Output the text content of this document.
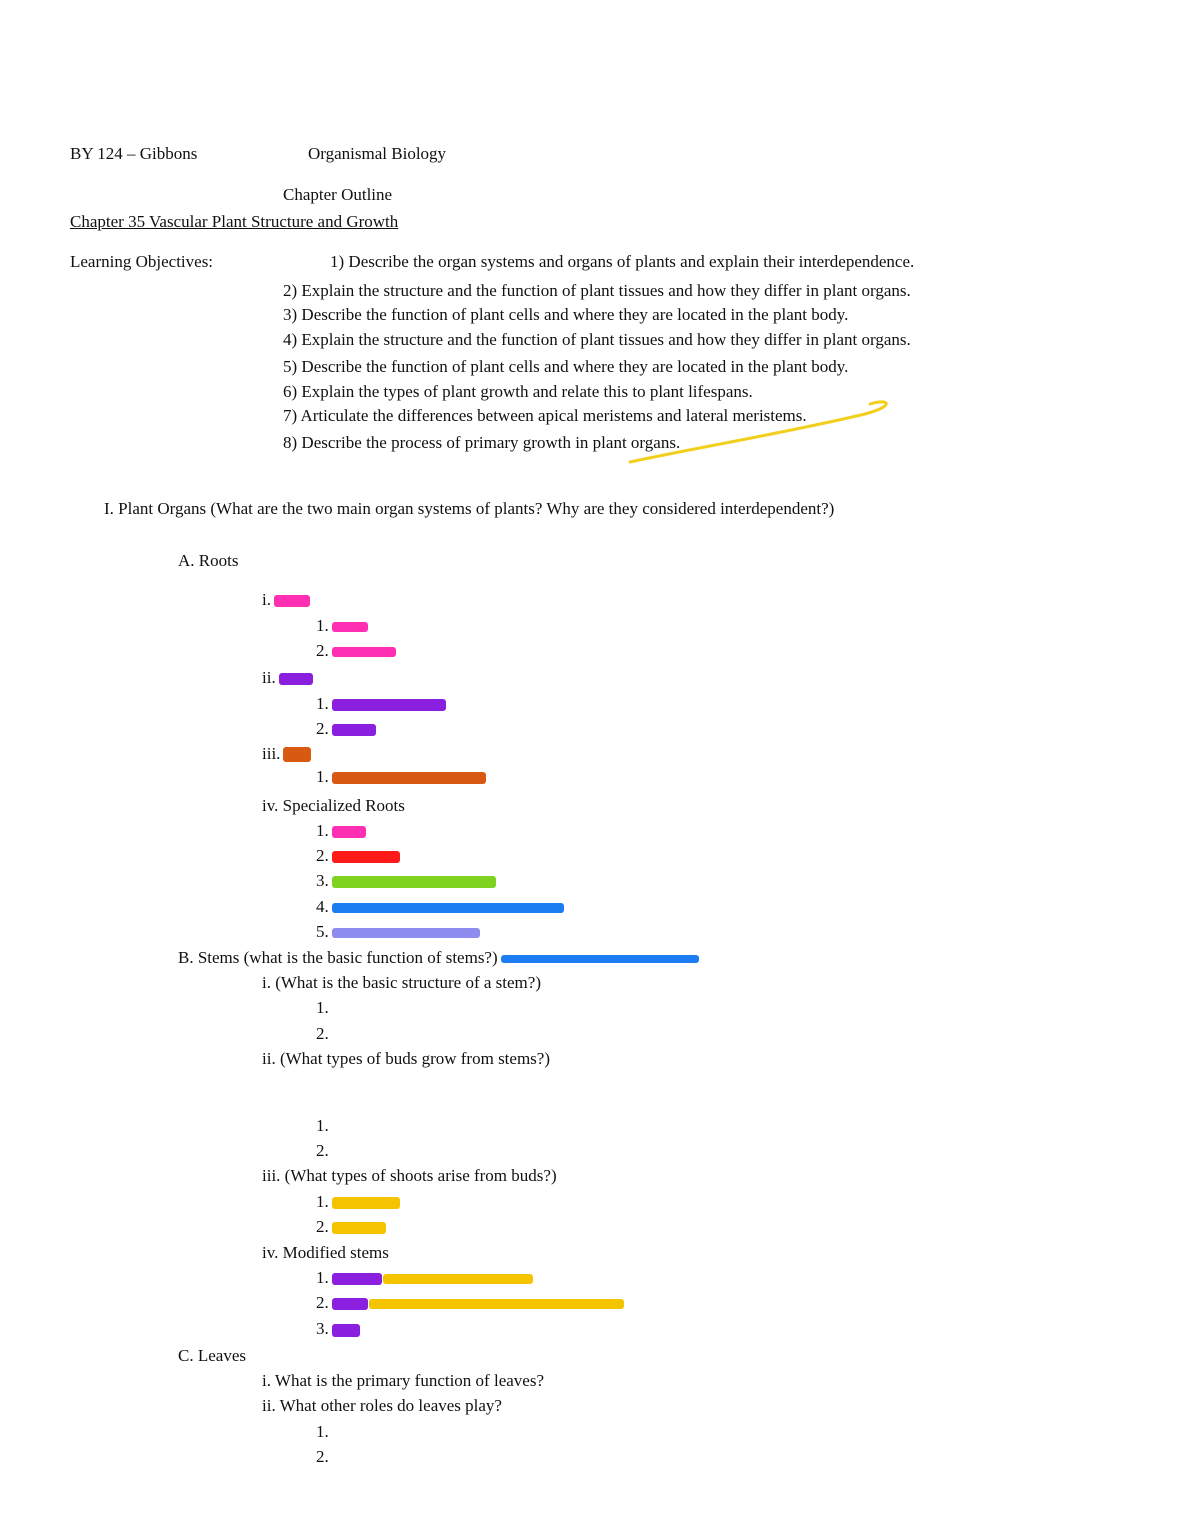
BY 124 – Gibbons	Organismal Biology
Chapter Outline
Chapter 35 Vascular Plant Structure and Growth
Learning Objectives:	1) Describe the organ systems and organs of plants and explain their interdependence.
2) Explain the structure and the function of plant tissues and how they differ in plant organs.
3) Describe the function of plant cells and where they are located in the plant body.
4) Explain the structure and the function of plant tissues and how they differ in plant organs.
5) Describe the function of plant cells and where they are located in the plant body.
6) Explain the types of plant growth and relate this to plant lifespans.
7) Articulate the differences between apical meristems and lateral meristems.
8) Describe the process of primary growth in plant organs.
I. Plant Organs (What are the two main organ systems of plants? Why are they considered interdependent?)
A. Roots
i.
1.
2.
ii.
1.
2.
iii.
1.
iv. Specialized Roots
1.
2.
3.
4.
5.
B. Stems (what is the basic function of stems?)
i. (What is the basic structure of a stem?)
1.
2.
ii. (What types of buds grow from stems?)
1.
2.
iii. (What types of shoots arise from buds?)
1.
2.
iv. Modified stems
1.
2.
3.
C. Leaves
i. What is the primary function of leaves?
ii. What other roles do leaves play?
1.
2.
